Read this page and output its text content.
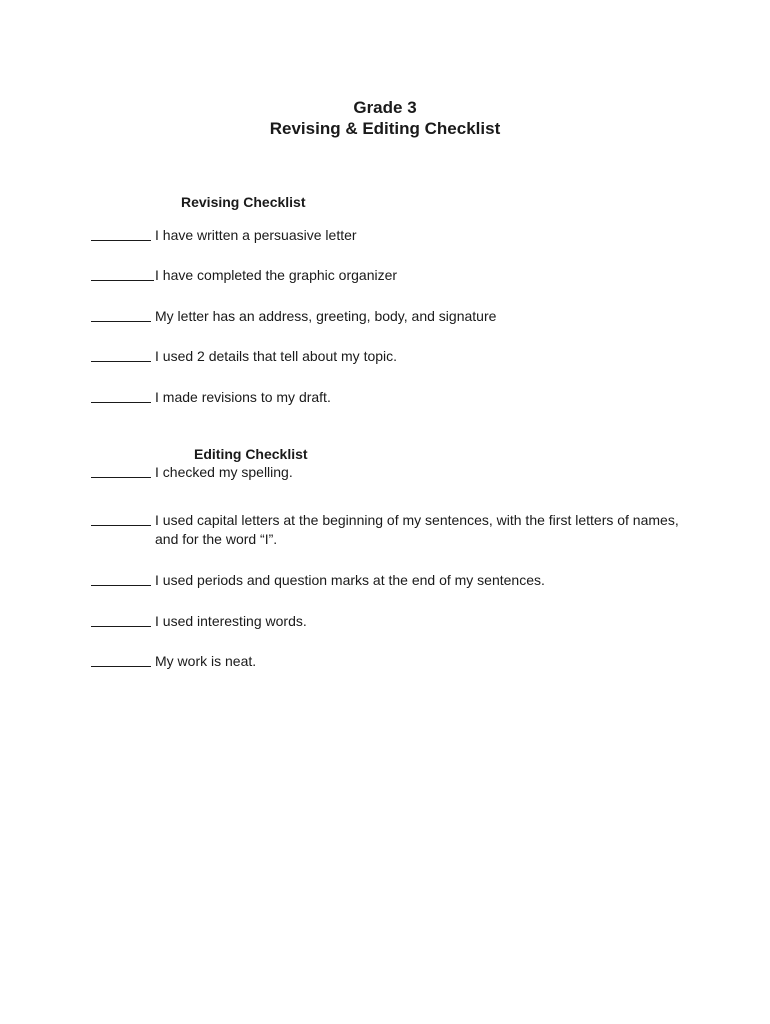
Grade 3
Revising & Editing Checklist
Revising Checklist
I have written a persuasive letter
I have completed the graphic organizer
My letter has an address, greeting, body, and signature
I used 2 details that tell about my topic.
I made revisions to my draft.
Editing Checklist
I checked my spelling.
I used capital letters at the beginning of my sentences, with the first letters of names, and for the word “I”.
I used periods and question marks at the end of my sentences.
I used interesting words.
My work is neat.
